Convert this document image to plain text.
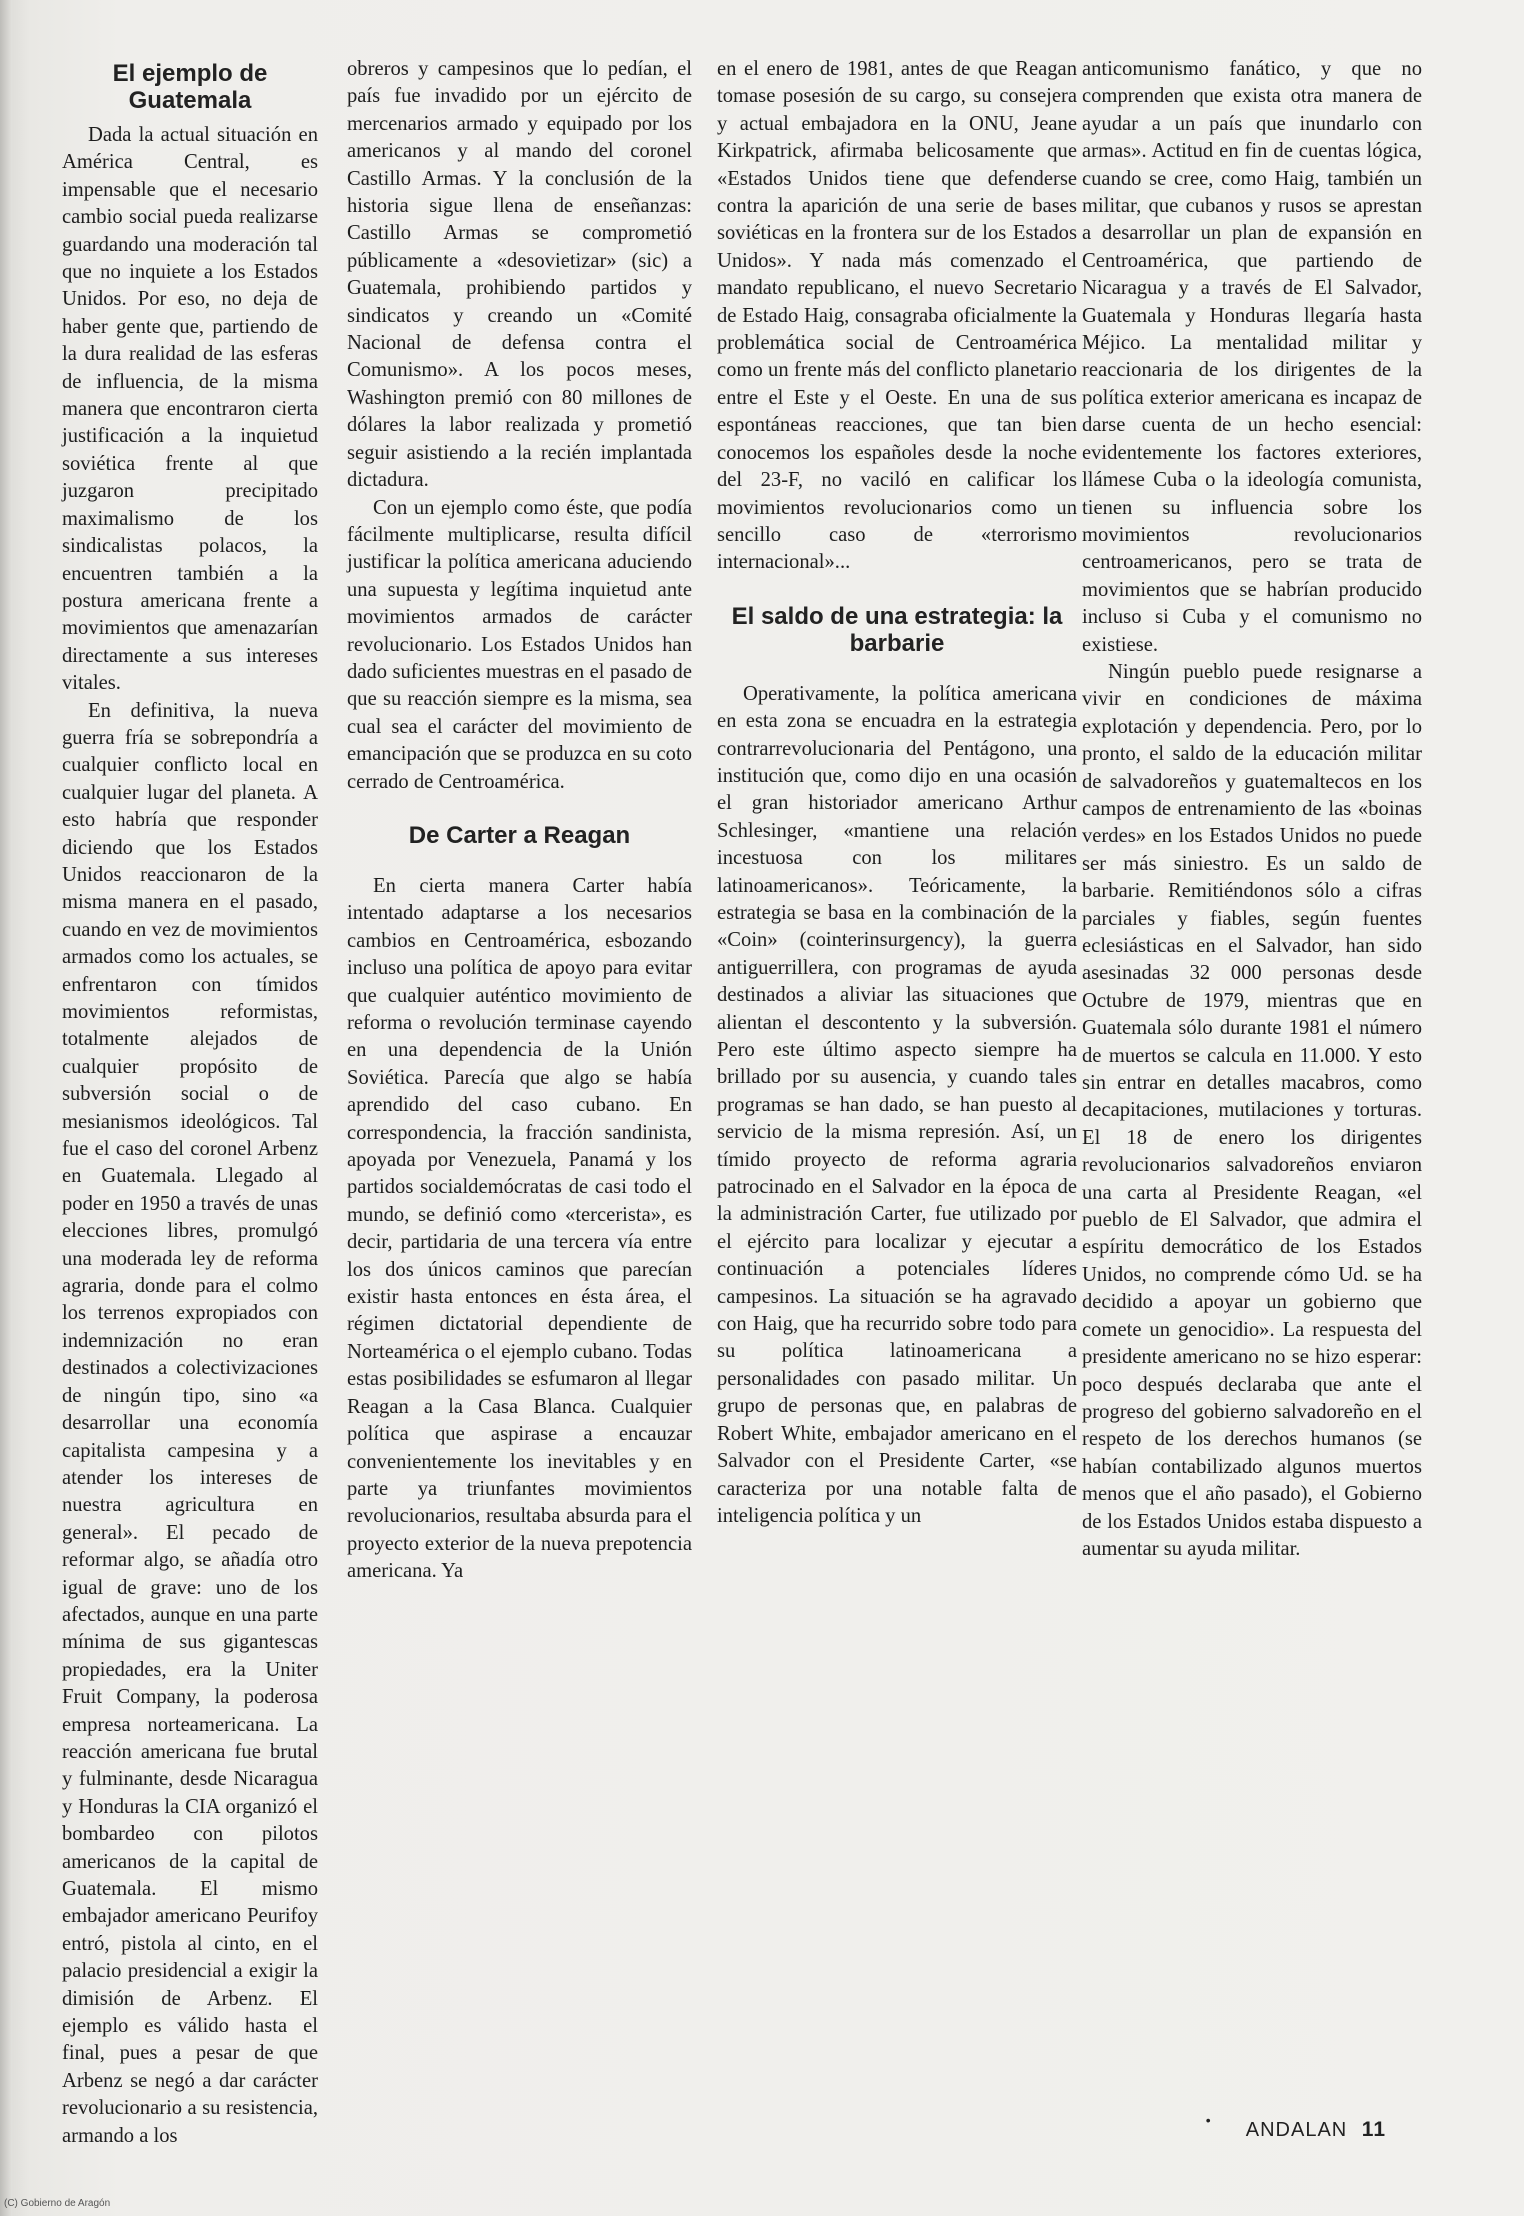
El ejemplo de Guatemala

Dada la actual situación en América Central, es impensable que el necesario cambio social pueda realizarse guardando una moderación tal que no inquiete a los Estados Unidos. Por eso, no deja de haber gente que, partiendo de la dura realidad de las esferas de influencia, de la misma manera que encontraron cierta justificación a la inquietud soviética frente al que juzgaron precipitado maximalismo de los sindicalistas polacos, la encuentren también a la postura americana frente a movimientos que amenazarían directamente a sus intereses vitales.

En definitiva, la nueva guerra fría se sobrepondría a cualquier conflicto local en cualquier lugar del planeta. A esto habría que responder diciendo que los Estados Unidos reaccionaron de la misma manera en el pasado, cuando en vez de movimientos armados como los actuales, se enfrentaron con tímidos movimientos reformistas, totalmente alejados de cualquier propósito de subversión social o de mesianismos ideológicos. Tal fue el caso del coronel Arbenz en Guatemala. Llegado al poder en 1950 a través de unas elecciones libres, promulgó una moderada ley de reforma agraria, donde para el colmo los terrenos expropiados con indemnización no eran destinados a colectivizaciones de ningún tipo, sino «a desarrollar una economía capitalista campesina y a atender los intereses de nuestra agricultura en general». El pecado de reformar algo, se añadía otro igual de grave: uno de los afectados, aunque en una parte mínima de sus gigantescas propiedades, era la Uniter Fruit Company, la poderosa empresa norteamericana. La reacción americana fue brutal y fulminante, desde Nicaragua y Honduras la CIA organizó el bombardeo con pilotos americanos de la capital de Guatemala. El mismo embajador americano Peurifoy entró, pistola al cinto, en el palacio presidencial a exigir la dimisión de Arbenz. El ejemplo es válido hasta el final, pues a pesar de que Arbenz se negó a dar carácter revolucionario a su resistencia, armando a los

obreros y campesinos que lo pedían, el país fue invadido por un ejército de mercenarios armado y equipado por los americanos y al mando del coronel Castillo Armas. Y la conclusión de la historia sigue llena de enseñanzas: Castillo Armas se comprometió públicamente a «desovietizar» (sic) a Guatemala, prohibiendo partidos y sindicatos y creando un «Comité Nacional de defensa contra el Comunismo». A los pocos meses, Washington premió con 80 millones de dólares la labor realizada y prometió seguir asistiendo a la recién implantada dictadura.

Con un ejemplo como éste, que podía fácilmente multiplicarse, resulta difícil justificar la política americana aduciendo una supuesta y legítima inquietud ante movimientos armados de carácter revolucionario. Los Estados Unidos han dado suficientes muestras en el pasado de que su reacción siempre es la misma, sea cual sea el carácter del movimiento de emancipación que se produzca en su coto cerrado de Centroamérica.

De Carter a Reagan

En cierta manera Carter había intentado adaptarse a los necesarios cambios en Centroamérica, esbozando incluso una política de apoyo para evitar que cualquier auténtico movimiento de reforma o revolución terminase cayendo en una dependencia de la Unión Soviética. Parecía que algo se había aprendido del caso cubano. En correspondencia, la fracción sandinista, apoyada por Venezuela, Panamá y los partidos socialdemócratas de casi todo el mundo, se definió como «tercerista», es decir, partidaria de una tercera vía entre los dos únicos caminos que parecían existir hasta entonces en ésta área, el régimen dictatorial dependiente de Norteamérica o el ejemplo cubano. Todas estas posibilidades se esfumaron al llegar Reagan a la Casa Blanca. Cualquier política que aspirase a encauzar convenientemente los inevitables y en parte ya triunfantes movimientos revolucionarios, resultaba absurda para el proyecto exterior de la nueva prepotencia americana. Ya

en el enero de 1981, antes de que Reagan tomase posesión de su cargo, su consejera y actual embajadora en la ONU, Jeane Kirkpatrick, afirmaba belicosamente que «Estados Unidos tiene que defenderse contra la aparición de una serie de bases soviéticas en la frontera sur de los Estados Unidos». Y nada más comenzado el mandato republicano, el nuevo Secretario de Estado Haig, consagraba oficialmente la problemática social de Centroamérica como un frente más del conflicto planetario entre el Este y el Oeste. En una de sus espontáneas reacciones, que tan bien conocemos los españoles desde la noche del 23-F, no vaciló en calificar los movimientos revolucionarios como un sencillo caso de «terrorismo internacional»...

El saldo de una estrategia: la barbarie

Operativamente, la política americana en esta zona se encuadra en la estrategia contrarrevolucionaria del Pentágono, una institución que, como dijo en una ocasión el gran historiador americano Arthur Schlesinger, «mantiene una relación incestuosa con los militares latinoamericanos». Teóricamente, la estrategia se basa en la combinación de la «Coin» (cointerinsurgency), la guerra antiguerrillera, con programas de ayuda destinados a aliviar las situaciones que alientan el descontento y la subversión. Pero este último aspecto siempre ha brillado por su ausencia, y cuando tales programas se han dado, se han puesto al servicio de la misma represión. Así, un tímido proyecto de reforma agraria patrocinado en el Salvador en la época de la administración Carter, fue utilizado por el ejército para localizar y ejecutar a continuación a potenciales líderes campesinos. La situación se ha agravado con Haig, que ha recurrido sobre todo para su política latinoamericana a personalidades con pasado militar. Un grupo de personas que, en palabras de Robert White, embajador americano en el Salvador con el Presidente Carter, «se caracteriza por una notable falta de inteligencia política y un

anticomunismo fanático, y que no comprenden que exista otra manera de ayudar a un país que inundarlo con armas». Actitud en fin de cuentas lógica, cuando se cree, como Haig, también un militar, que cubanos y rusos se aprestan a desarrollar un plan de expansión en Centroamérica, que partiendo de Nicaragua y a través de El Salvador, Guatemala y Honduras llegaría hasta Méjico. La mentalidad militar y reaccionaria de los dirigentes de la política exterior americana es incapaz de darse cuenta de un hecho esencial: evidentemente los factores exteriores, llámese Cuba o la ideología comunista, tienen su influencia sobre los movimientos revolucionarios centroamericanos, pero se trata de movimientos que se habrían producido incluso si Cuba y el comunismo no existiese.

Ningún pueblo puede resignarse a vivir en condiciones de máxima explotación y dependencia. Pero, por lo pronto, el saldo de la educación militar de salvadoreños y guatemaltecos en los campos de entrenamiento de las «boinas verdes» en los Estados Unidos no puede ser más siniestro. Es un saldo de barbarie. Remitiéndonos sólo a cifras parciales y fiables, según fuentes eclesiásticas en el Salvador, han sido asesinadas 32 000 personas desde Octubre de 1979, mientras que en Guatemala sólo durante 1981 el número de muertos se calcula en 11.000. Y esto sin entrar en detalles macabros, como decapitaciones, mutilaciones y torturas. El 18 de enero los dirigentes revolucionarios salvadoreños enviaron una carta al Presidente Reagan, «el pueblo de El Salvador, que admira el espíritu democrático de los Estados Unidos, no comprende cómo Ud. se ha decidido a apoyar un gobierno que comete un genocidio». La respuesta del presidente americano no se hizo esperar: poco después declaraba que ante el progreso del gobierno salvadoreño en el respeto de los derechos humanos (se habían contabilizado algunos muertos menos que el año pasado), el Gobierno de los Estados Unidos estaba dispuesto a aumentar su ayuda militar.

• ANDALAN 11
(C) Gobierno de Aragón
